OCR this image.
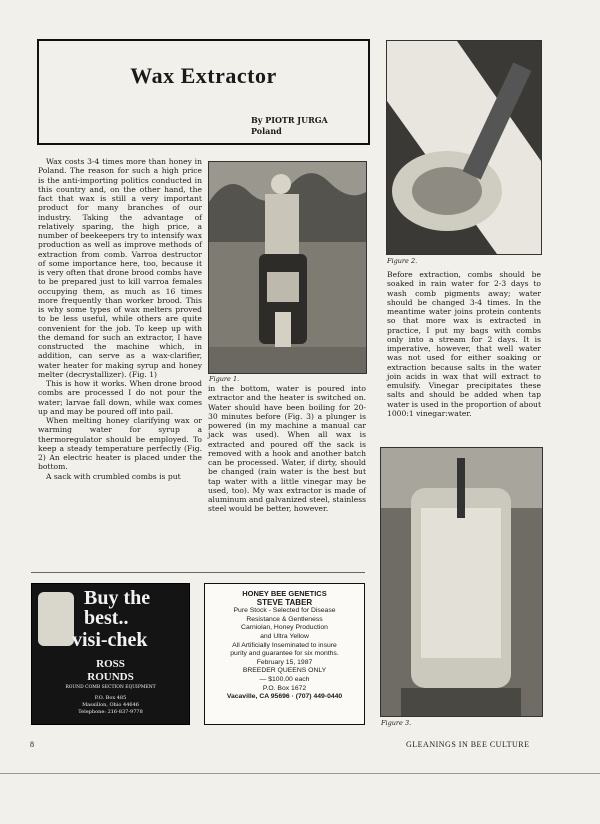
Wax Extractor
By PIOTR JURGA
Poland

Wax costs 3-4 times more than honey in Poland. The reason for such a high price is the anti-importing politics conducted in this country and, on the other hand, the fact that wax is still a very important product for many branches of our industry. Taking the advantage of relatively sparing, the high price, a number of beekeepers try to intensify wax production as well as improve methods of extraction from comb. Varroa destructor of some importance here, too, because it is very often that drone brood combs have to be prepared just to kill varroa females occupying them, as much as 16 times more frequently than worker brood. This is why some types of wax melters proved to be less useful, while others are quite convenient for the job. To keep up with the demand for such an extractor, I have constructed the machine which, in addition, can serve as a wax-clarifier, water heater for making syrup and honey melter (decrystallizer). (Fig. 1)

This is how it works. When drone brood combs are processed I do not pour the water; larvae fall down, while wax comes up and may be poured off into pail.

When melting honey clarifying wax or warming water for syrup a thermoregulator should be employed. To keep a steady temperature perfectly (Fig. 2) An electric heater is placed under the bottom.

A sack with crumbled combs is put

Figure 1.
in the bottom, water is poured into extractor and the heater is switched on. Water should have been boiling for 20-30 minutes before (Fig. 3) a plunger is powered (in my machine a manual car jack was used). When all wax is extracted and poured off the sack is removed with a hook and another batch can be processed. Water, if dirty, should be changed (rain water is the best but tap water with a little vinegar may be used, too). My wax extractor is made of aluminum and galvanized steel, stainless steel would be better, however.
Figure 2.
Before extraction, combs should be soaked in rain water for 2-3 days to wash comb pigments away; water should be changed 3-4 times. In the meantime water joins protein contents so that more wax is extracted in practice, I put my bags with combs only into a stream for 2 days. It is imperative, however, that well water was not used for either soaking or extraction because salts in the water join acids in wax that will extract to emulsify. Vinegar precipitates these salts and should be added when tap water is used in the proportion of about 1000:1 vinegar:water.
Figure 3.
Buy the
best..
visi-chek
ROSS
ROUNDS
ROUND COMB SECTION EQUIPMENT
P.O. Box 485
Massillon, Ohio 44646
Telephone: 216-837-9778
HONEY BEE GENETICS
STEVE TABER
Pure Stock - Selected for Disease
Resistance & Gentleness
Carniolan, Honey Production
and Ultra Yellow
All Artificially Inseminated to insure
purity and guarantee for six months.
February 15, 1987
BREEDER QUEENS ONLY
— $100.00 each
P.O. Box 1672
Vacaville, CA 95696 · (707) 449-0440
8	GLEANINGS IN BEE CULTURE
